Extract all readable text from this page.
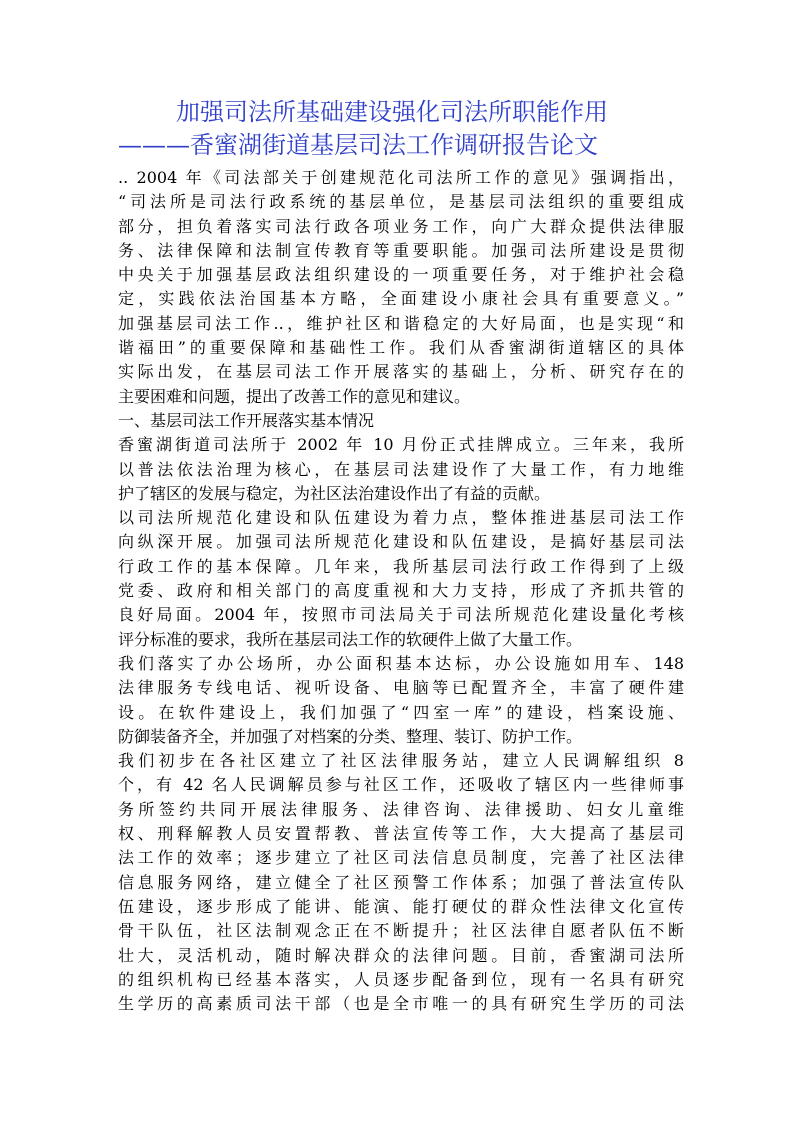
加强司法所基础建设强化司法所职能作用
———香蜜湖街道基层司法工作调研报告论文
.. 2004 年《司法部关于创建规范化司法所工作的意见》强调指出，
“司法所是司法行政系统的基层单位，是基层司法组织的重要组成
部分，担负着落实司法行政各项业务工作，向广大群众提供法律服
务、法律保障和法制宣传教育等重要职能。加强司法所建设是贯彻
中央关于加强基层政法组织建设的一项重要任务，对于维护社会稳
定，实践依法治国基本方略，全面建设小康社会具有重要意义。”
加强基层司法工作..，维护社区和谐稳定的大好局面，也是实现“和
谐福田”的重要保障和基础性工作。我们从香蜜湖街道辖区的具体
实际出发，在基层司法工作开展落实的基础上，分析、研究存在的
主要困难和问题，提出了改善工作的意见和建议。
一、基层司法工作开展落实基本情况
香蜜湖街道司法所于 2002 年 10 月份正式挂牌成立。三年来，我所
以普法依法治理为核心，在基层司法建设作了大量工作，有力地维
护了辖区的发展与稳定，为社区法治建设作出了有益的贡献。
以司法所规范化建设和队伍建设为着力点，整体推进基层司法工作
向纵深开展。加强司法所规范化建设和队伍建设，是搞好基层司法
行政工作的基本保障。几年来，我所基层司法行政工作得到了上级
党委、政府和相关部门的高度重视和大力支持，形成了齐抓共管的
良好局面。2004 年，按照市司法局关于司法所规范化建设量化考核
评分标准的要求，我所在基层司法工作的软硬件上做了大量工作。
我们落实了办公场所，办公面积基本达标，办公设施如用车、148
法律服务专线电话、视听设备、电脑等已配置齐全，丰富了硬件建
设。在软件建设上，我们加强了“四室一库”的建设，档案设施、
防御装备齐全，并加强了对档案的分类、整理、装订、防护工作。
我们初步在各社区建立了社区法律服务站，建立人民调解组织 8
个，有 42 名人民调解员参与社区工作，还吸收了辖区内一些律师事
务所签约共同开展法律服务、法律咨询、法律援助、妇女儿童维
权、刑释解教人员安置帮教、普法宣传等工作，大大提高了基层司
法工作的效率；逐步建立了社区司法信息员制度，完善了社区法律
信息服务网络，建立健全了社区预警工作体系；加强了普法宣传队
伍建设，逐步形成了能讲、能演、能打硬仗的群众性法律文化宣传
骨干队伍，社区法制观念正在不断提升；社区法律自愿者队伍不断
壮大，灵活机动，随时解决群众的法律问题。目前，香蜜湖司法所
的组织机构已经基本落实，人员逐步配备到位，现有一名具有研究
生学历的高素质司法干部（也是全市唯一的具有研究生学历的司法
